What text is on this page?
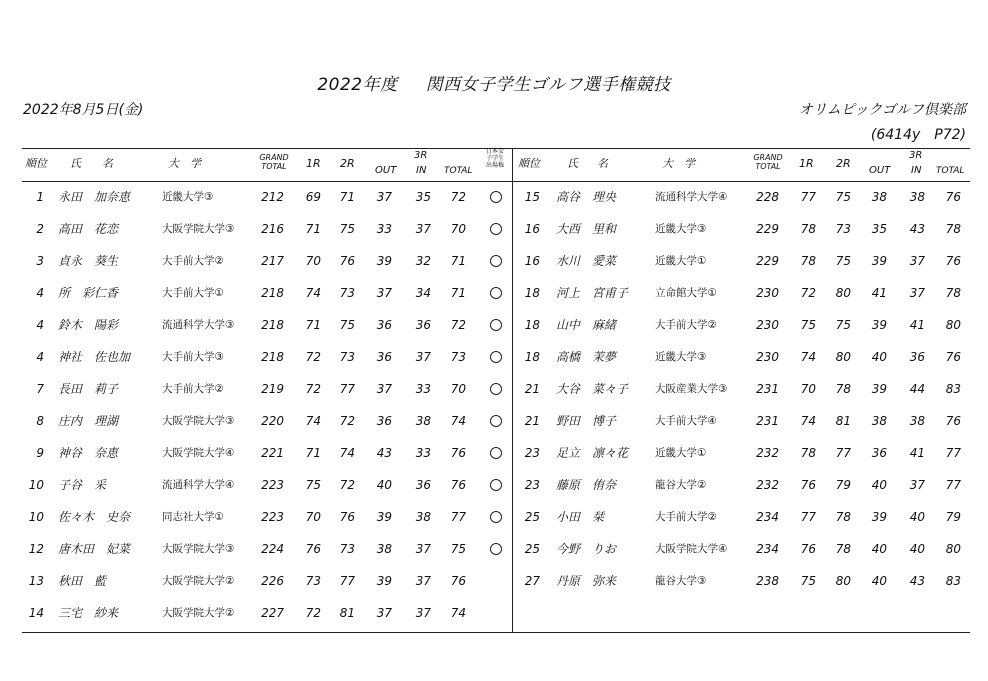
2022年度 関西女子学生ゴルフ選手権競技
2022年8月5日(金)	オリムピックゴルフ倶楽部
(6414y　P72)
順位 氏 名	大　学	GRAND
TOTAL	1R 2R
OUT
3R
IN TOTAL
日本女
子学生
出場権	順位 氏 名	大　学	GRAND
TOTAL	1R 2R
OUT
3R
IN TOTAL
1 永田　加奈恵	近畿大学③	212	69	71	37	35	72
2 高田　花恋	大阪学院大学③	216	71	75	33	37	70
3 貞永　葵生	大手前大学②	217	70	76	39	32	71
4 所　彩仁香	大手前大学①	218	74	73	37	34	71
4 鈴木　陽彩	流通科学大学③	218	71	75	36	36	72
4 神社　佐也加	大手前大学③	218	72	73	36	37	73
7 長田　莉子	大手前大学②	219	72	77	37	33	70
8 庄内　理湖	大阪学院大学③	220	74	72	36	38	74
9 神谷　奈恵	大阪学院大学④	221	71	74	43	33	76
10 子谷　采	流通科学大学④	223	75	72	40	36	76
10 佐々木　史奈	同志社大学①	223	70	76	39	38	77
12 唐木田　妃菜	大阪学院大学③	224	76	73	38	37	75
13 秋田　藍	大阪学院大学②	226	73	77	39	37	76
14 三宅　紗来	大阪学院大学②	227	72	81	37	37	74
15 高谷　理央	流通科学大学④	228	77	75	38	38	76
16 大西　里和	近畿大学③	229	78	73	35	43	78
16 水川　愛菜	近畿大学①	229	78	75	39	37	76
18 河上　宮甫子	立命館大学①	230	72	80	41	37	78
18 山中　麻緒	大手前大学②	230	75	75	39	41	80
18 高橋　茉夢	近畿大学③	230	74	80	40	36	76
21 大谷　菜々子	大阪産業大学③	231	70	78	39	44	83
21 野田　博子	大手前大学④	231	74	81	38	38	76
23 足立　凛々花	近畿大学①	232	78	77	36	41	77
23 藤原　侑奈	龍谷大学②	232	76	79	40	37	77
25 小田　栞	大手前大学②	234	77	78	39	40	79
25 今野　りお	大阪学院大学④	234	76	78	40	40	80
27 丹原　弥来	龍谷大学③	238	75	80	40	43	83
